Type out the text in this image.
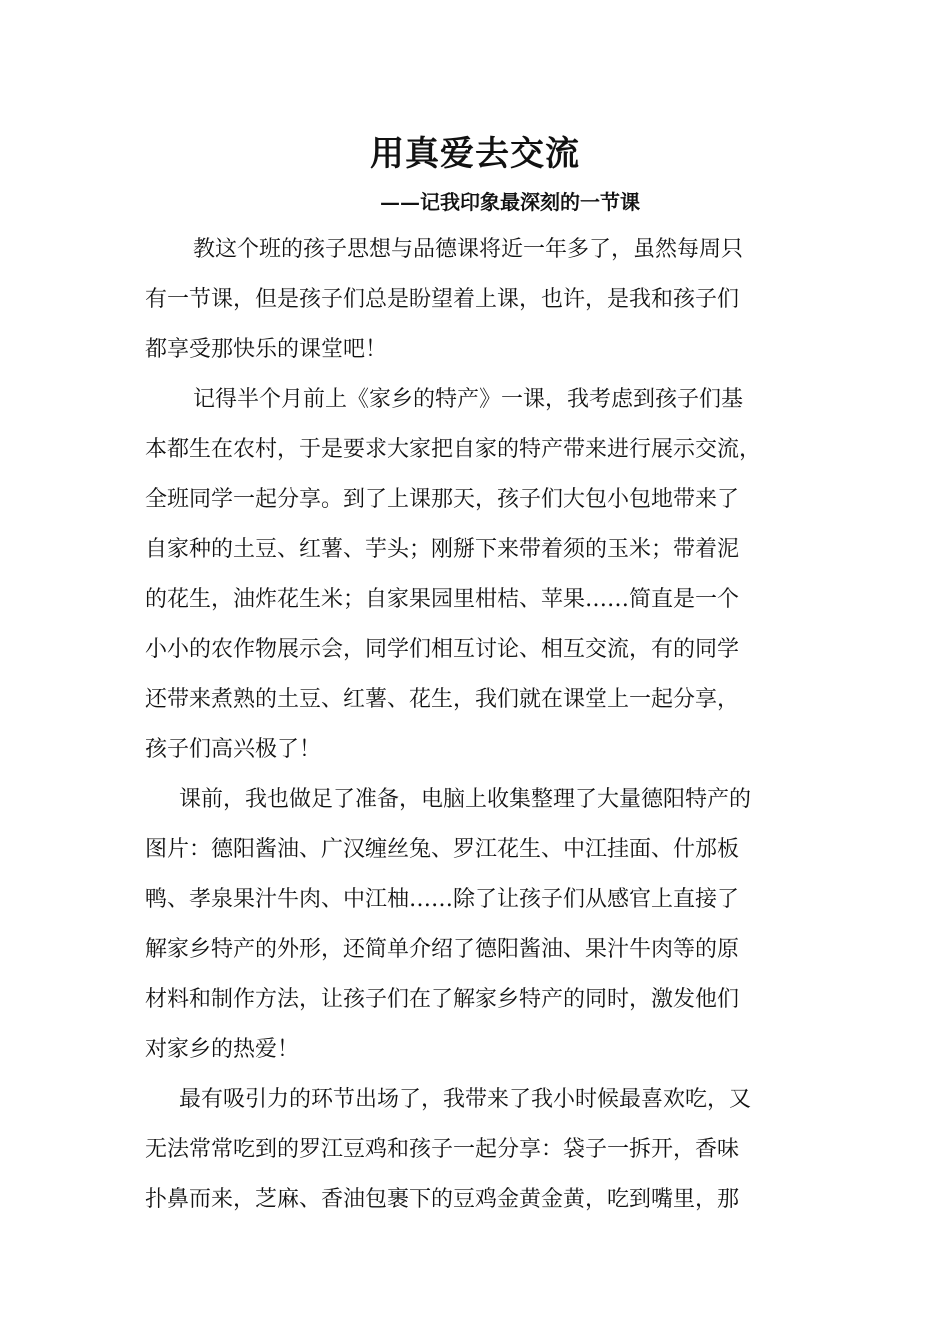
用真爱去交流
——记我印象最深刻的一节课
教这个班的孩子思想与品德课将近一年多了，虽然每周只
有一节课，但是孩子们总是盼望着上课，也许，是我和孩子们
都享受那快乐的课堂吧！
记得半个月前上《家乡的特产》一课，我考虑到孩子们基
本都生在农村，于是要求大家把自家的特产带来进行展示交流，
全班同学一起分享。到了上课那天，孩子们大包小包地带来了
自家种的土豆、红薯、芋头；刚掰下来带着须的玉米；带着泥
的花生，油炸花生米；自家果园里柑桔、苹果……简直是一个
小小的农作物展示会，同学们相互讨论、相互交流，有的同学
还带来煮熟的土豆、红薯、花生，我们就在课堂上一起分享，
孩子们高兴极了！
课前，我也做足了准备，电脑上收集整理了大量德阳特产的
图片：德阳酱油、广汉缠丝兔、罗江花生、中江挂面、什邡板
鸭、孝泉果汁牛肉、中江柚……除了让孩子们从感官上直接了
解家乡特产的外形，还简单介绍了德阳酱油、果汁牛肉等的原
材料和制作方法，让孩子们在了解家乡特产的同时，激发他们
对家乡的热爱！
最有吸引力的环节出场了，我带来了我小时候最喜欢吃，又
无法常常吃到的罗江豆鸡和孩子一起分享：袋子一拆开，香味
扑鼻而来，芝麻、香油包裹下的豆鸡金黄金黄，吃到嘴里，那
